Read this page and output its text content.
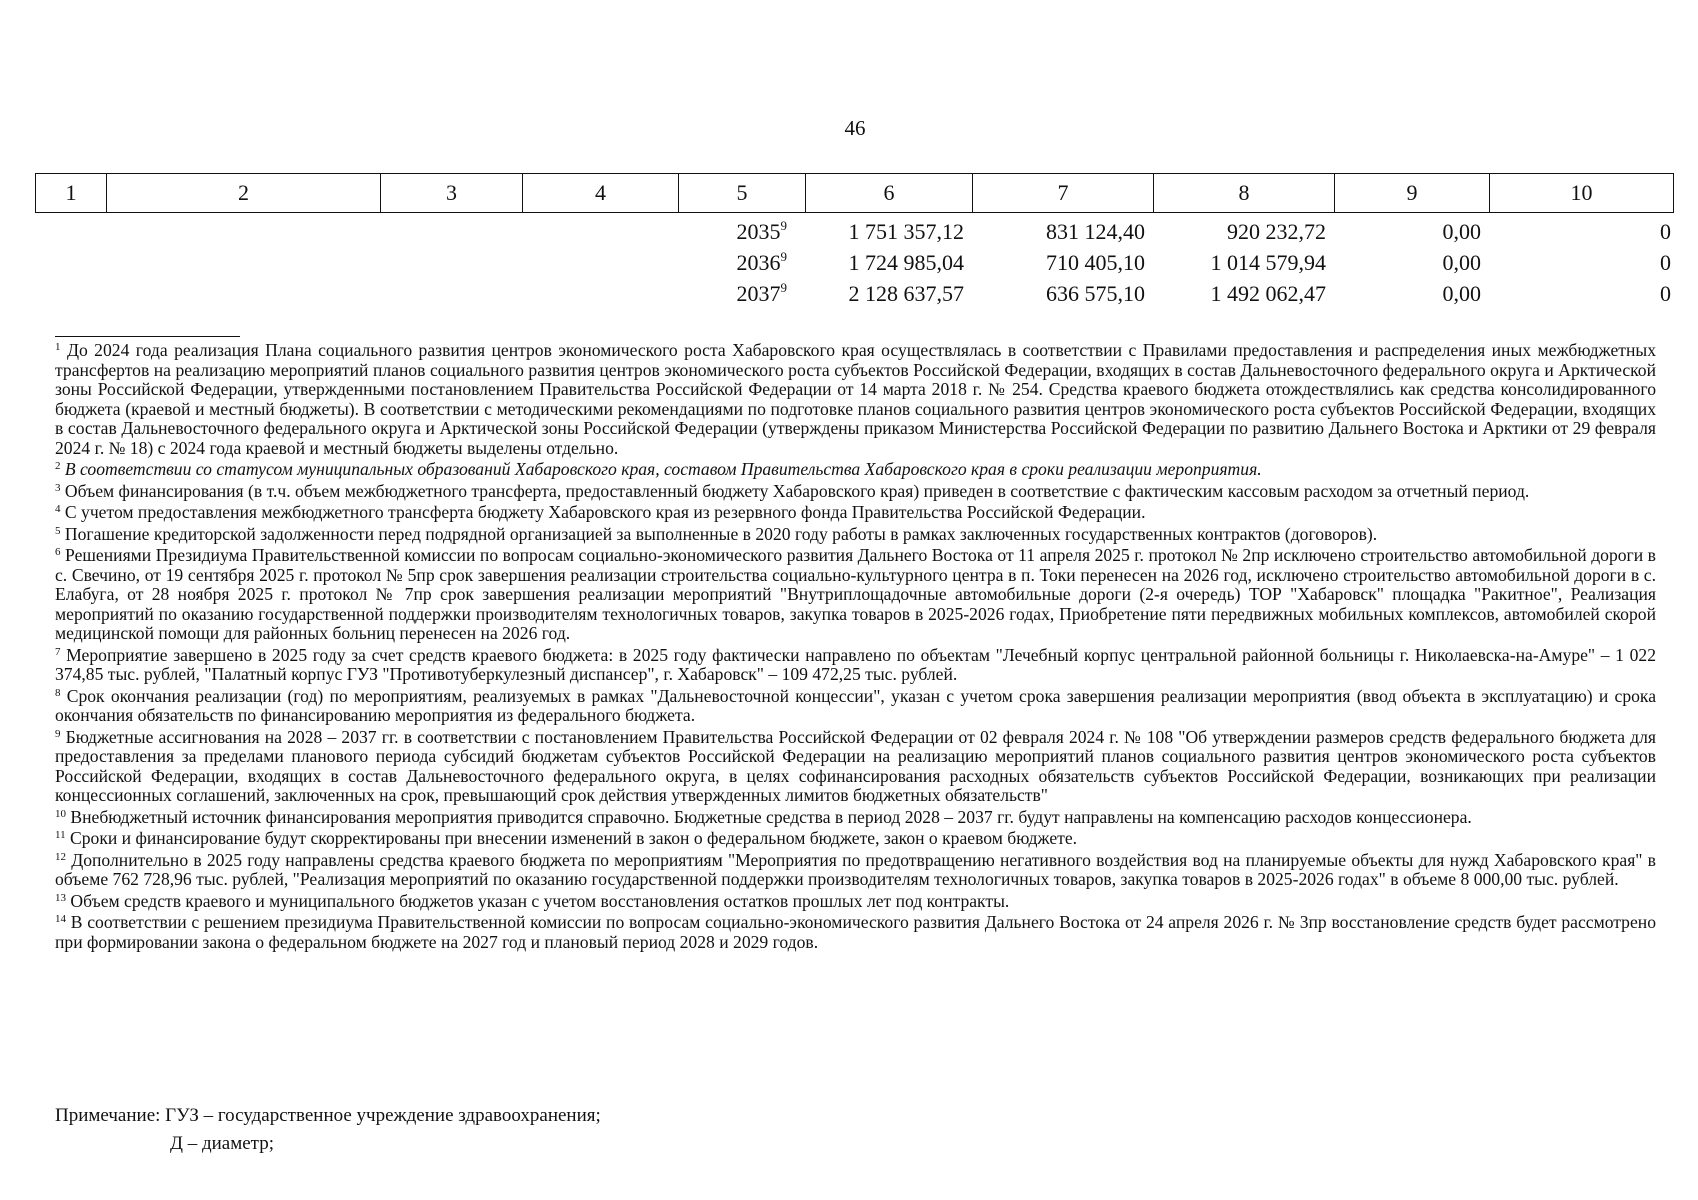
46
1	2	3	4	5	6	7	8	9	10
				2035$^9$	1 751 357,12	831 124,40	920 232,72	0,00	0
				2036$^9$	1 724 985,04	710 405,10	1 014 579,94	0,00	0
				2037$^9$	2 128 637,57	636 575,10	1 492 062,47	0,00	0
$^1$ До 2024 года реализация Плана социального развития центров экономического роста Хабаровского края осуществлялась в соответствии с Правилами предоставления и распределения иных межбюджетных трансфертов на реализацию мероприятий планов социального развития центров экономического роста субъектов Российской Федерации, входящих в состав Дальневосточного федерального округа и Арктической зоны Российской Федерации, утвержденными постановлением Правительства Российской Федерации от 14 марта 2018 г. № 254. Средства краевого бюджета отождествлялись как средства консолидированного бюджета (краевой и местный бюджеты). В соответствии с методическими рекомендациями по подготовке планов социального развития центров экономического роста субъектов Российской Федерации, входящих в состав Дальневосточного федерального округа и Арктической зоны Российской Федерации (утверждены приказом Министерства Российской Федерации по развитию Дальнего Востока и Арктики от 29 февраля 2024 г. № 18) с 2024 года краевой и местный бюджеты выделены отдельно.
$^2$ В соответствии со статусом муниципальных образований Хабаровского края, составом Правительства Хабаровского края в сроки реализации мероприятия.
$^3$ Объем финансирования (в т.ч. объем межбюджетного трансферта, предоставленный бюджету Хабаровского края) приведен в соответствие с фактическим кассовым расходом за отчетный период.
$^4$ С учетом предоставления межбюджетного трансферта бюджету Хабаровского края из резервного фонда Правительства Российской Федерации.
$^5$ Погашение кредиторской задолженности перед подрядной организацией за выполненные в 2020 году работы в рамках заключенных государственных контрактов (договоров).
$^6$ Решениями Президиума Правительственной комиссии по вопросам социально-экономического развития Дальнего Востока от 11 апреля 2025 г. протокол № 2пр исключено строительство автомобильной дороги в с. Свечино, от 19 сентября 2025 г. протокол № 5пр срок завершения реализации строительства социально-культурного центра в п. Токи перенесен на 2026 год, исключено строительство автомобильной дороги в с. Елабуга, от 28 ноября 2025 г. протокол № 7пр срок завершения реализации мероприятий "Внутриплощадочные автомобильные дороги (2-я очередь) ТОР "Хабаровск" площадка "Ракитное", Реализация мероприятий по оказанию государственной поддержки производителям технологичных товаров, закупка товаров в 2025-2026 годах, Приобретение пяти передвижных мобильных комплексов, автомобилей скорой медицинской помощи для районных больниц перенесен на 2026 год.
$^7$ Мероприятие завершено в 2025 году за счет средств краевого бюджета: в 2025 году фактически направлено по объектам "Лечебный корпус центральной районной больницы г. Николаевска-на-Амуре" – 1 022 374,85 тыс. рублей, "Палатный корпус ГУЗ "Противотуберкулезный диспансер", г. Хабаровск" – 109 472,25 тыс. рублей.
$^8$ Срок окончания реализации (год) по мероприятиям, реализуемых в рамках "Дальневосточной концессии", указан с учетом срока завершения реализации мероприятия (ввод объекта в эксплуатацию) и срока окончания обязательств по финансированию мероприятия из федерального бюджета.
$^9$ Бюджетные ассигнования на 2028 – 2037 гг. в соответствии с постановлением Правительства Российской Федерации от 02 февраля 2024 г. № 108 "Об утверждении размеров средств федерального бюджета для предоставления за пределами планового периода субсидий бюджетам субъектов Российской Федерации на реализацию мероприятий планов социального развития центров экономического роста субъектов Российской Федерации, входящих в состав Дальневосточного федерального округа, в целях софинансирования расходных обязательств субъектов Российской Федерации, возникающих при реализации концессионных соглашений, заключенных на срок, превышающий срок действия утвержденных лимитов бюджетных обязательств"
$^{10}$ Внебюджетный источник финансирования мероприятия приводится справочно. Бюджетные средства в период 2028 – 2037 гг. будут направлены на компенсацию расходов концессионера.
$^{11}$ Сроки и финансирование будут скорректированы при внесении изменений в закон о федеральном бюджете, закон о краевом бюджете.
$^{12}$ Дополнительно в 2025 году направлены средства краевого бюджета по мероприятиям "Мероприятия по предотвращению негативного воздействия вод на планируемые объекты для нужд Хабаровского края" в объеме 762 728,96 тыс. рублей, "Реализация мероприятий по оказанию государственной поддержки производителям технологичных товаров, закупка товаров в 2025-2026 годах" в объеме 8 000,00 тыс. рублей.
$^{13}$ Объем средств краевого и муниципального бюджетов указан с учетом восстановления остатков прошлых лет под контракты.
$^{14}$ В соответствии с решением президиума Правительственной комиссии по вопросам социально-экономического развития Дальнего Востока от 24 апреля 2026 г. № 3пр восстановление средств будет рассмотрено при формировании закона о федеральном бюджете на 2027 год и плановый период 2028 и 2029 годов.
Примечание: ГУЗ – государственное учреждение здравоохранения;
Д – диаметр;
